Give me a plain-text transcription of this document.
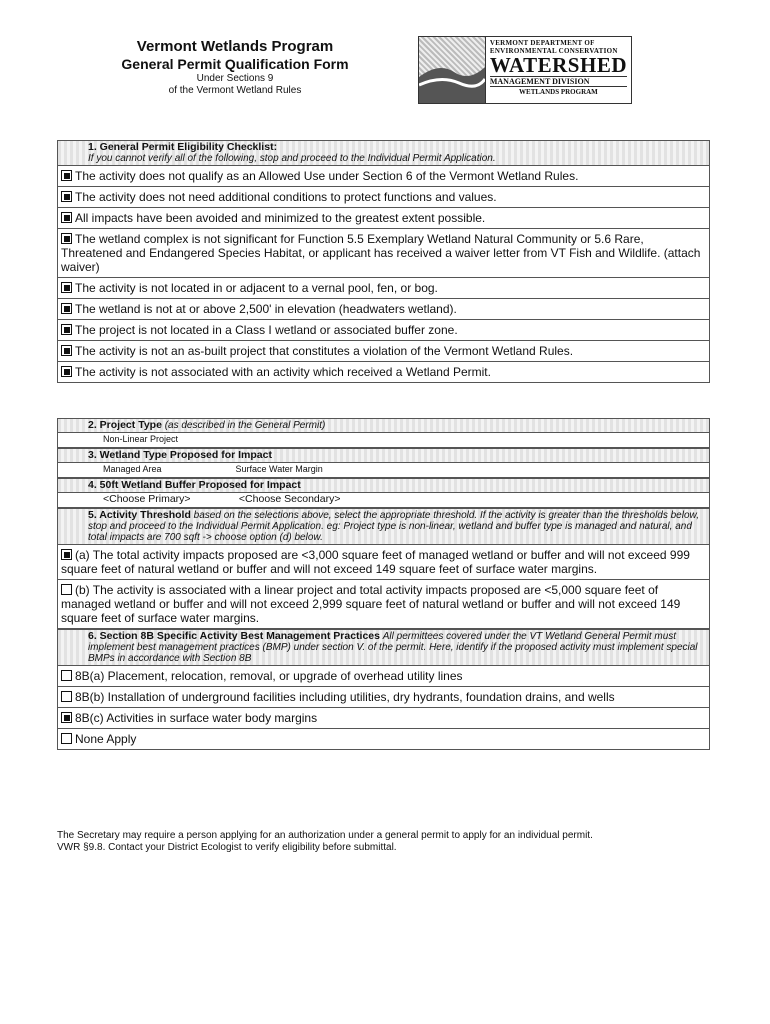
Vermont Wetlands Program
General Permit Qualification Form
Under Sections 9
of the Vermont Wetland Rules
VERMONT DEPARTMENT OF ENVIRONMENTAL CONSERVATION
WATERSHED
MANAGEMENT DIVISION
WETLANDS PROGRAM
1. General Permit Eligibility Checklist:
If you cannot verify all of the following, stop and proceed to the Individual Permit Application.
The activity does not qualify as an Allowed Use under Section 6 of the Vermont Wetland Rules.
The activity does not need additional conditions to protect functions and values.
All impacts have been avoided and minimized to the greatest extent possible.
The wetland complex is not significant for Function 5.5 Exemplary Wetland Natural Community or 5.6 Rare, Threatened and Endangered Species Habitat, or applicant has received a waiver letter from VT Fish and Wildlife. (attach waiver)
The activity is not located in or adjacent to a vernal pool, fen, or bog.
The wetland is not at or above 2,500' in elevation (headwaters wetland).
The project is not located in a Class I wetland or associated buffer zone.
The activity is not an as-built project that constitutes a violation of the Vermont Wetland Rules.
The activity is not associated with an activity which received a Wetland Permit.
2. Project Type (as described in the General Permit)
Non-Linear Project
3. Wetland Type Proposed for Impact
Managed Area	Surface Water Margin
4. 50ft Wetland Buffer Proposed for Impact
<Choose Primary>	<Choose Secondary>
5. Activity Threshold based on the selections above, select the appropriate threshold. If the activity is greater than the thresholds below, stop and proceed to the Individual Permit Application. eg: Project type is non-linear, wetland and buffer type is managed and natural, and total impacts are 700 sqft -> choose option (d) below.
(a) The total activity impacts proposed are <3,000 square feet of managed wetland or buffer and will not exceed 999 square feet of natural wetland or buffer and will not exceed 149 square feet of surface water margins.
(b) The activity is associated with a linear project and total activity impacts proposed are <5,000 square feet of managed wetland or buffer and will not exceed 2,999 square feet of natural wetland or buffer and will not exceed 149 square feet of surface water margins.
6. Section 8B Specific Activity Best Management Practices All permittees covered under the VT Wetland General Permit must implement best management practices (BMP) under section V. of the permit. Here, identify if the proposed activity must implement special BMPs in accordance with Section 8B
8B(a) Placement, relocation, removal, or upgrade of overhead utility lines
8B(b) Installation of underground facilities including utilities, dry hydrants, foundation drains, and wells
8B(c) Activities in surface water body margins
None Apply
The Secretary may require a person applying for an authorization under a general permit to apply for an individual permit.
VWR §9.8. Contact your District Ecologist to verify eligibility before submittal.
